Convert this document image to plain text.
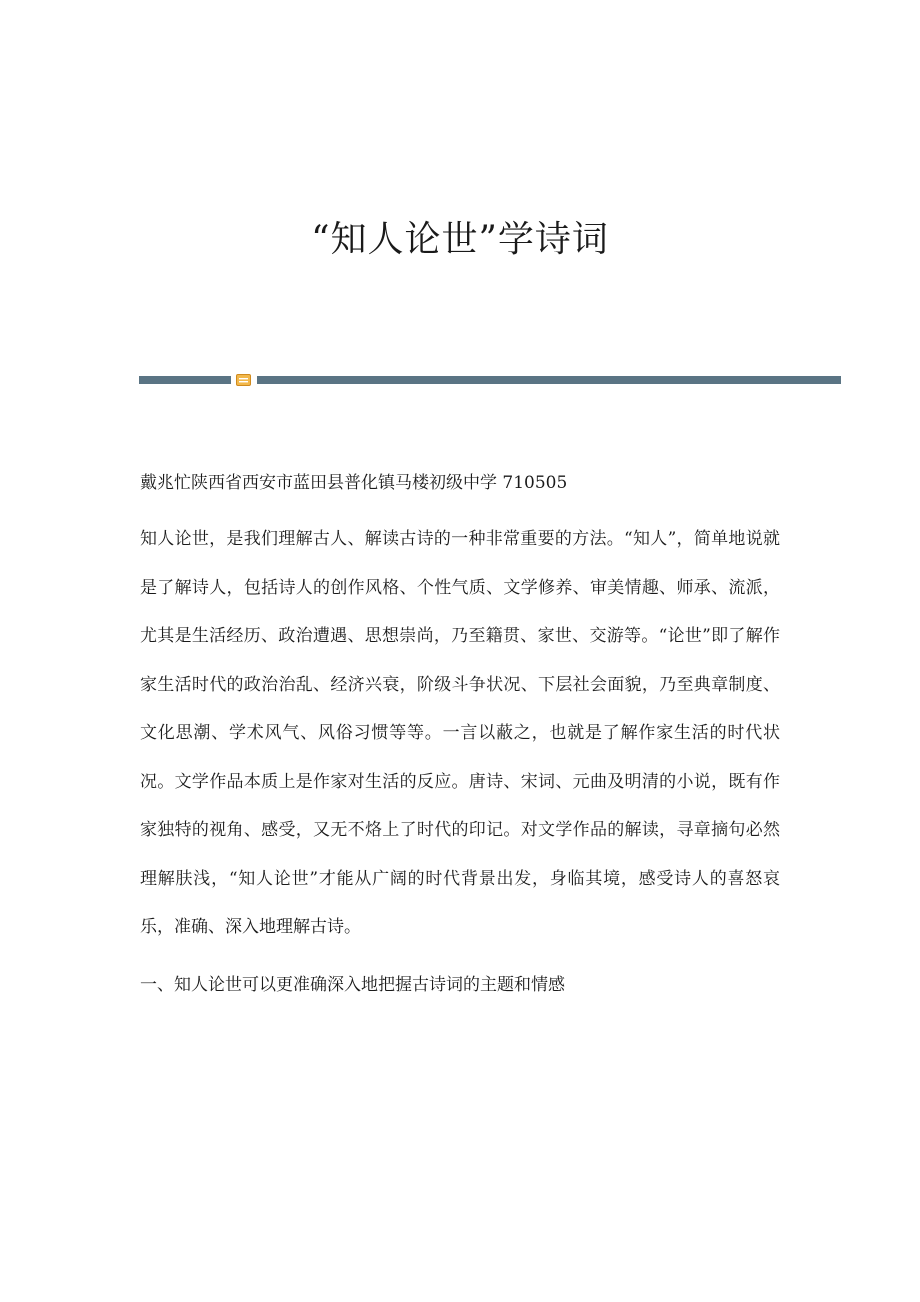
“知人论世”学诗词

戴兆忙陕西省西安市蓝田县普化镇马楼初级中学 710505

知人论世，是我们理解古人、解读古诗的一种非常重要的方法。“知人”，简单地说就是了解诗人，包括诗人的创作风格、个性气质、文学修养、审美情趣、师承、流派，尤其是生活经历、政治遭遇、思想崇尚，乃至籍贯、家世、交游等。“论世”即了解作家生活时代的政治治乱、经济兴衰，阶级斗争状况、下层社会面貌，乃至典章制度、文化思潮、学术风气、风俗习惯等等。一言以蔽之，也就是了解作家生活的时代状况。文学作品本质上是作家对生活的反应。唐诗、宋词、元曲及明清的小说，既有作家独特的视角、感受，又无不烙上了时代的印记。对文学作品的解读，寻章摘句必然理解肤浅，“知人论世”才能从广阔的时代背景出发，身临其境，感受诗人的喜怒哀乐，准确、深入地理解古诗。

一、知人论世可以更准确深入地把握古诗词的主题和情感
